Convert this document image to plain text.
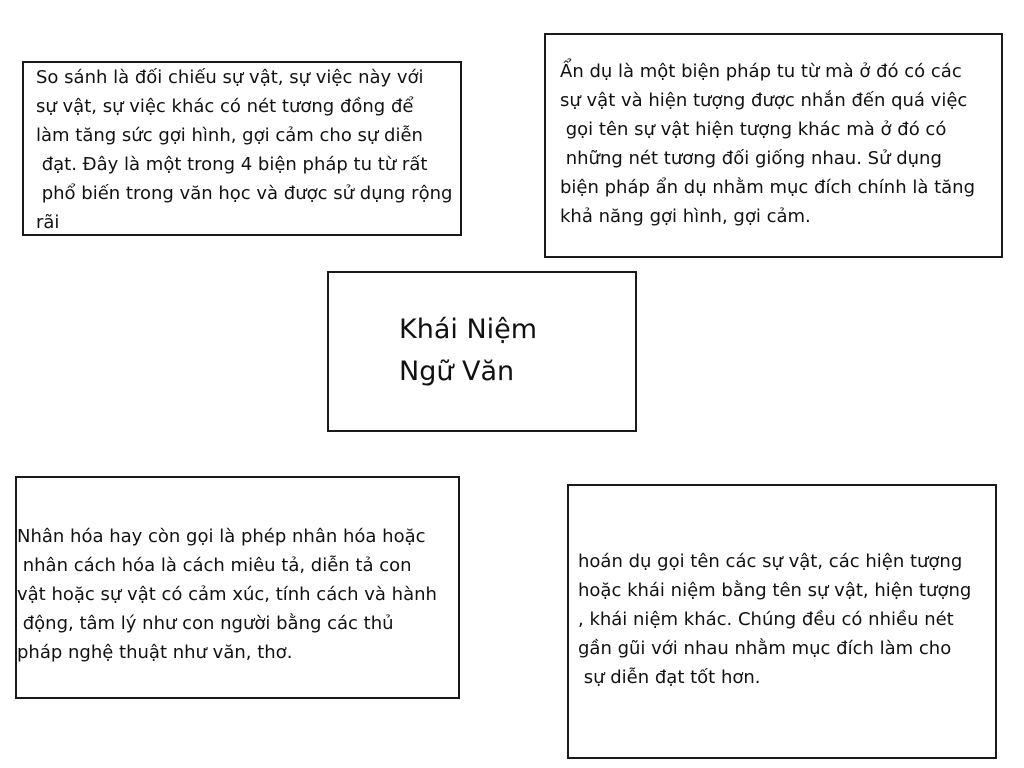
So sánh là đối chiếu sự vật, sự việc này với
sự vật, sự việc khác có nét tương đồng để
làm tăng sức gợi hình, gợi cảm cho sự diễn
đạt. Đây là một trong 4 biện pháp tu từ rất
phổ biến trong văn học và được sử dụng rộng
rãi
Ẩn dụ là một biện pháp tu từ mà ở đó có các
sự vật và hiện tượng được nhắn đến quá việc
gọi tên sự vật hiện tượng khác mà ở đó có
những nét tương đối giống nhau. Sử dụng
biện pháp ẩn dụ nhằm mục đích chính là tăng
khả năng gợi hình, gợi cảm.
Khái Niệm
Ngữ Văn
Nhân hóa hay còn gọi là phép nhân hóa hoặc
nhân cách hóa là cách miêu tả, diễn tả con
vật hoặc sự vật có cảm xúc, tính cách và hành
động, tâm lý như con người bằng các thủ
pháp nghệ thuật như văn, thơ.
hoán dụ gọi tên các sự vật, các hiện tượng
hoặc khái niệm bằng tên sự vật, hiện tượng
, khái niệm khác. Chúng đều có nhiều nét
gần gũi với nhau nhằm mục đích làm cho
sự diễn đạt tốt hơn.
